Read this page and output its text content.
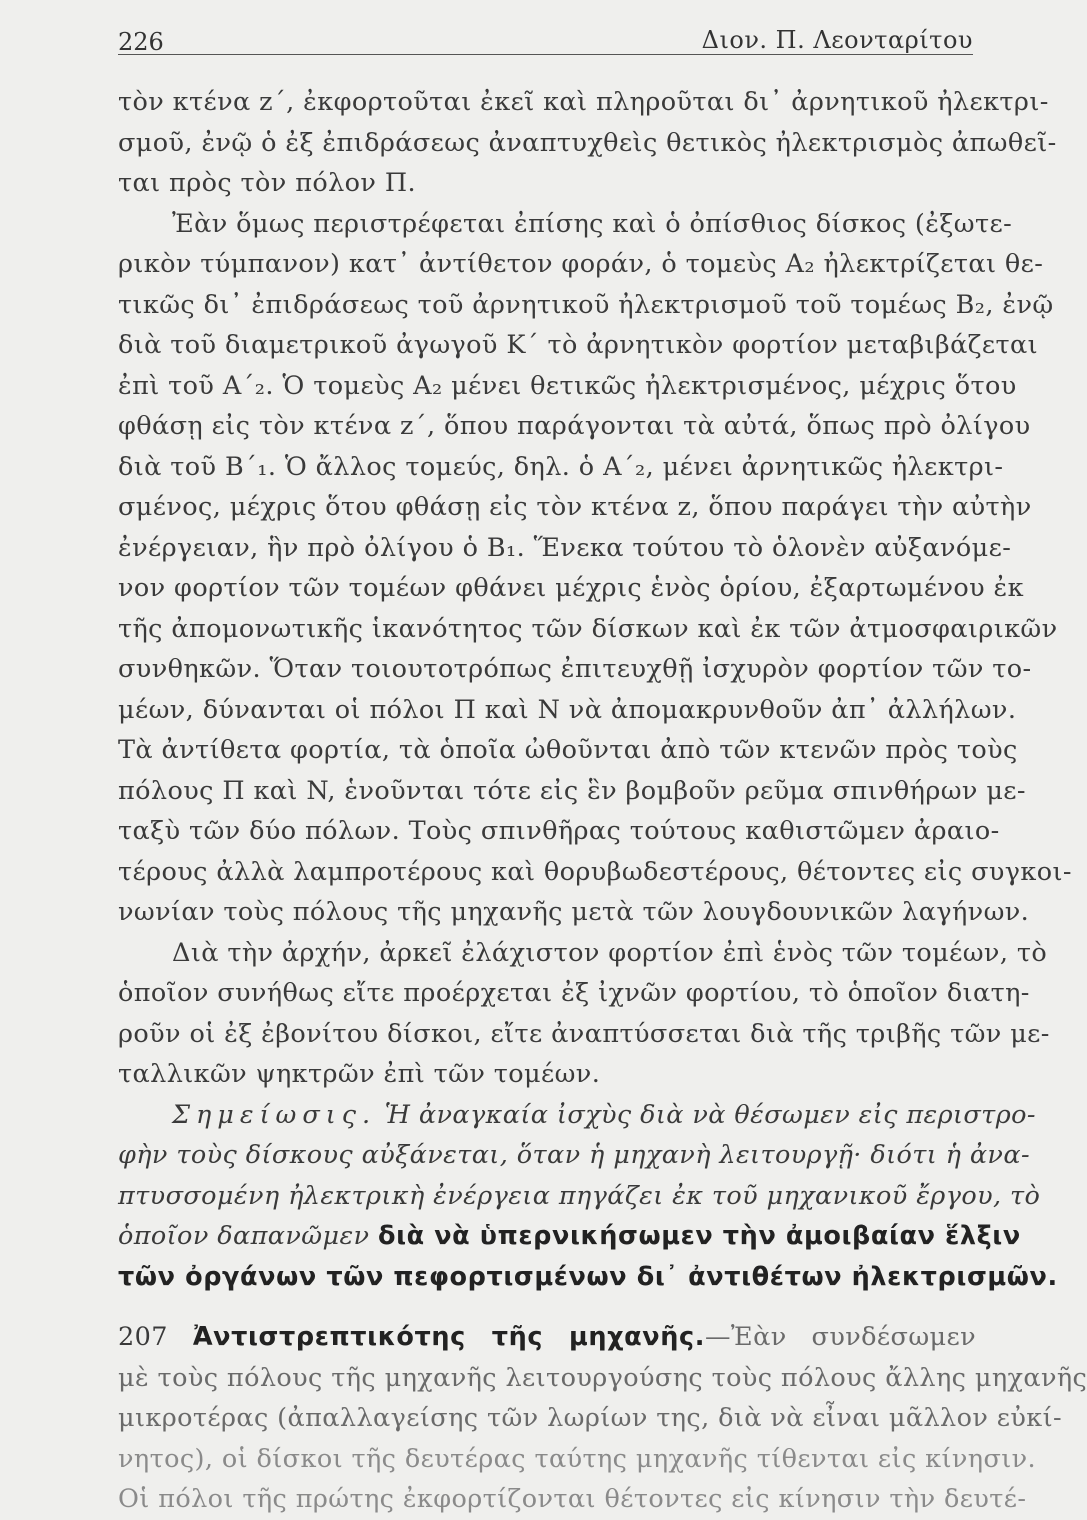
226	Διον. Π. Λεονταρίτου
τὸν κτένα z΄, ἐκφορτοῦται ἐκεῖ καὶ πληροῦται δι᾽ ἀρνητικοῦ ἠλεκτρι-
σμοῦ, ἐνῷ ὁ ἐξ ἐπιδράσεως ἀναπτυχθεὶς θετικὸς ἠλεκτρισμὸς ἀπωθεῖ-
ται πρὸς τὸν πόλον Π.
Ἐὰν ὅμως περιστρέφεται ἐπίσης καὶ ὁ ὀπίσθιος δίσκος (ἐξωτε-
ρικὸν τύμπανον) κατ᾽ ἀντίθετον φοράν, ὁ τομεὺς A₂ ἠλεκτρίζεται θε-
τικῶς δι᾽ ἐπιδράσεως τοῦ ἀρνητικοῦ ἠλεκτρισμοῦ τοῦ τομέως B₂, ἐνῷ
διὰ τοῦ διαμετρικοῦ ἀγωγοῦ K΄ τὸ ἀρνητικὸν φορτίον μεταβιβάζεται
ἐπὶ τοῦ A΄₂. Ὁ τομεὺς A₂ μένει θετικῶς ἠλεκτρισμένος, μέχρις ὅτου
φθάσῃ εἰς τὸν κτένα z΄, ὅπου παράγονται τὰ αὐτά, ὅπως πρὸ ὀλίγου
διὰ τοῦ B΄₁. Ὁ ἄλλος τομεύς, δηλ. ὁ A΄₂, μένει ἀρνητικῶς ἠλεκτρι-
σμένος, μέχρις ὅτου φθάσῃ εἰς τὸν κτένα z, ὅπου παράγει τὴν αὐτὴν
ἐνέργειαν, ἣν πρὸ ὀλίγου ὁ B₁. Ἕνεκα τούτου τὸ ὁλονὲν αὐξανόμε-
νον φορτίον τῶν τομέων φθάνει μέχρις ἑνὸς ὁρίου, ἐξαρτωμένου ἐκ
τῆς ἀπομονωτικῆς ἱκανότητος τῶν δίσκων καὶ ἐκ τῶν ἀτμοσφαιρικῶν
συνθηκῶν. Ὅταν τοιουτοτρόπως ἐπιτευχθῇ ἰσχυρὸν φορτίον τῶν το-
μέων, δύνανται οἱ πόλοι Π καὶ N νὰ ἀπομακρυνθοῦν ἀπ᾽ ἀλλήλων.
Τὰ ἀντίθετα φορτία, τὰ ὁποῖα ὠθοῦνται ἀπὸ τῶν κτενῶν πρὸς τοὺς
πόλους Π καὶ N, ἑνοῦνται τότε εἰς ἓν βομβοῦν ρεῦμα σπινθήρων με-
ταξὺ τῶν δύο πόλων. Τοὺς σπινθῆρας τούτους καθιστῶμεν ἀραιο-
τέρους ἀλλὰ λαμπροτέρους καὶ θορυβωδεστέρους, θέτοντες εἰς συγκοι-
νωνίαν τοὺς πόλους τῆς μηχανῆς μετὰ τῶν λουγδουνικῶν λαγήνων.
Διὰ τὴν ἀρχήν, ἀρκεῖ ἐλάχιστον φορτίον ἐπὶ ἑνὸς τῶν τομέων, τὸ
ὁποῖον συνήθως εἴτε προέρχεται ἐξ ἰχνῶν φορτίου, τὸ ὁποῖον διατη-
ροῦν οἱ ἐξ ἐβονίτου δίσκοι, εἴτε ἀναπτύσσεται διὰ τῆς τριβῆς τῶν με-
ταλλικῶν ψηκτρῶν ἐπὶ τῶν τομέων.
Σημείωσις. Ἡ ἀναγκαία ἰσχὺς διὰ νὰ θέσωμεν εἰς περιστρο-
φὴν τοὺς δίσκους αὐξάνεται, ὅταν ἡ μηχανὴ λειτουργῇ· διότι ἡ ἀνα-
πτυσσομένη ἠλεκτρικὴ ἐνέργεια πηγάζει ἐκ τοῦ μηχανικοῦ ἔργου, τὸ
ὁποῖον δαπανῶμεν διὰ νὰ ὑπερνικήσωμεν τὴν ἀμοιβαίαν ἕλξιν
τῶν ὀργάνων τῶν πεφορτισμένων δι᾽ ἀντιθέτων ἠλεκτρισμῶν.
207 Ἀντιστρεπτικότης τῆς μηχανῆς.—Ἐὰν συνδέσωμεν
μὲ τοὺς πόλους τῆς μηχανῆς λειτουργούσης τοὺς πόλους ἄλλης μηχανῆς
μικροτέρας (ἀπαλλαγείσης τῶν λωρίων της, διὰ νὰ εἶναι μᾶλλον εὐκί-
νητος), οἱ δίσκοι τῆς δευτέρας ταύτης μηχανῆς τίθενται εἰς κίνησιν.
Οἱ πόλοι τῆς πρώτης ἐκφορτίζονται θέτοντες εἰς κίνησιν τὴν δευτέ-
